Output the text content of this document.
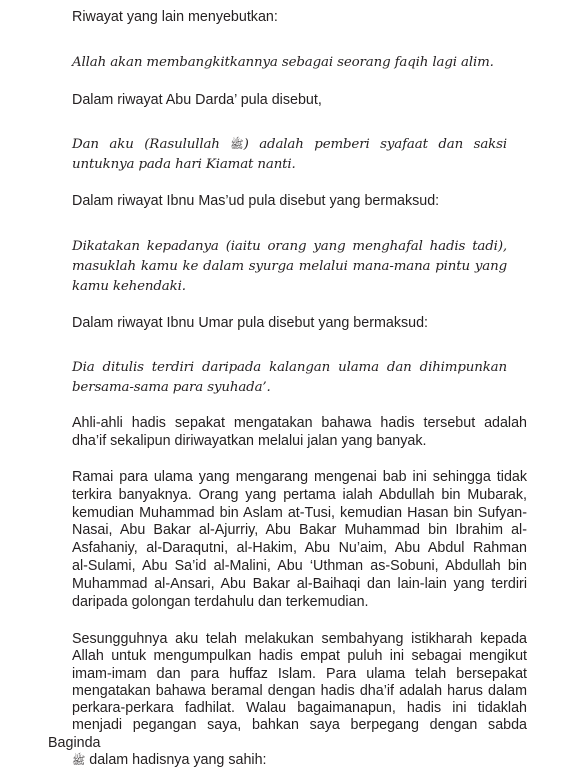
Riwayat yang lain menyebutkan:
Allah akan membangkitkannya sebagai seorang faqih lagi alim.
Dalam riwayat Abu Darda’ pula disebut,
Dan aku (Rasulullah ﷺ) adalah pemberi syafaat dan saksi
untuknya pada hari Kiamat nanti.
Dalam riwayat Ibnu Mas’ud pula disebut yang bermaksud:
Dikatakan kepadanya (iaitu orang yang menghafal hadis tadi),
masuklah kamu ke dalam syurga melalui mana-mana pintu yang
kamu kehendaki.
Dalam riwayat Ibnu Umar pula disebut yang bermaksud:
Dia ditulis terdiri daripada kalangan ulama dan dihimpunkan
bersama-sama para syuhada’.
Ahli-ahli hadis sepakat mengatakan bahawa hadis tersebut adalah
dha’if sekalipun diriwayatkan melalui jalan yang banyak.
Ramai para ulama yang mengarang mengenai bab ini sehingga tidak
terkira banyaknya. Orang yang pertama ialah Abdullah bin Mubarak,
kemudian Muhammad bin Aslam at-Tusi, kemudian Hasan bin Sufyan-
Nasai, Abu Bakar al-Ajurriy, Abu Bakar Muhammad bin Ibrahim al-
Asfahaniy, al-Daraqutni, al-Hakim, Abu Nu’aim, Abu Abdul Rahman
al-Sulami, Abu Sa’id al-Malini, Abu ‘Uthman as-Sobuni, Abdullah bin
Muhammad al-Ansari, Abu Bakar al-Baihaqi dan lain-lain yang terdiri
daripada golongan terdahulu dan terkemudian.
Sesungguhnya aku telah melakukan sembahyang istikharah kepada
Allah untuk mengumpulkan hadis empat puluh ini sebagai mengikut
imam-imam dan para huffaz Islam. Para ulama telah bersepakat
mengatakan bahawa beramal dengan hadis dha’if adalah harus dalam
perkara-perkara fadhilat. Walau bagaimanapun, hadis ini tidaklah
menjadi pegangan saya, bahkan saya berpegang dengan sabda Baginda
ﷺ dalam hadisnya yang sahih:
